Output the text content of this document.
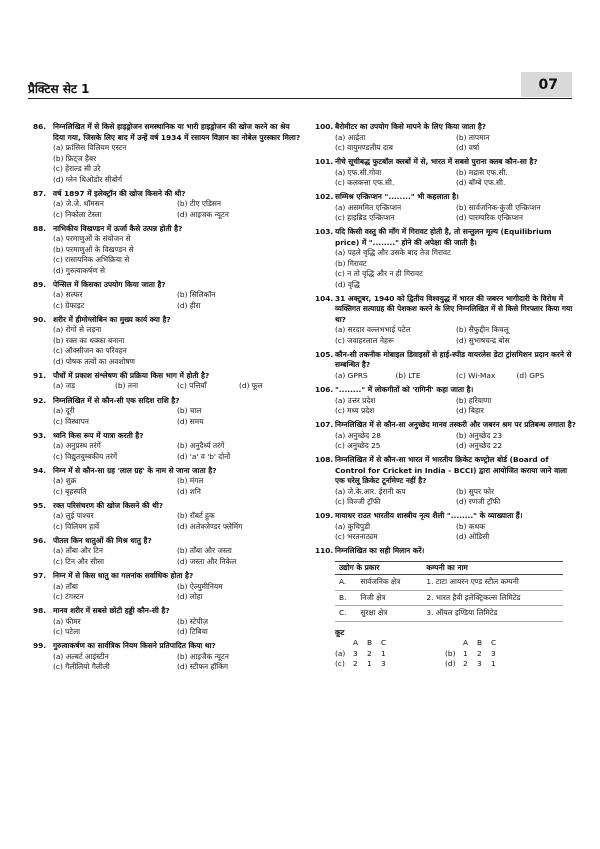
प्रैक्टिस सेट 1	07
86. निम्नलिखित में से किसे हाइड्रोजन समस्थानिक या भारी हाइड्रोजन की खोज करने का श्रेय दिया गया, जिसके लिए बाद में उन्हें वर्ष 1934 में रसायन विज्ञान का नोबेल पुरस्कार मिला?
(a) फ्रांसिस विलियम एस्टन
(b) फ्रिट्ज हैबर
(c) हेराल्ड सी उरे
(d) ग्लेन थिओडोर सीबोर्ग
87. वर्ष 1897 में इलेक्ट्रॉन की खोज किसने की थी?
(a) जे.जे. थॉमसन	(b) टीए एडिसन
(c) निकोला टेस्ला	(d) आइजक न्यूटन
88. नाभिकीय विखण्डन में ऊर्जा कैसे उत्पन्न होती है?
(a) परमाणुओं के संयोजन से
(b) परमाणुओं के विखण्डन से
(c) रासायनिक अभिक्रिया से
(d) गुरुत्वाकर्षण से
89. पेन्सिल में किसका उपयोग किया जाता है?
(a) सल्फर	(b) सिलिकॉन
(c) ग्रेफाइट	(d) हीरा
90. शरीर में हीमोग्लोबिन का मुख्य कार्य क्या है?
(a) रोगों से लड़ना
(b) रक्त का थक्का बनाना
(c) ऑक्सीजन का परिवहन
(d) पोषक तत्वों का अवशोषण
91. पौधों में प्रकाश संश्लेषण की प्रक्रिया किस भाग में होती है?
(a) जड़	(b) तना	(c) पत्तियाँ	(d) फूल
92. निम्नलिखित में से कौन-सी एक सदिश राशि है?
(a) दूरी	(b) चाल
(c) विस्थापन	(d) समय
93. ध्वनि किस रूप में यात्रा करती है?
(a) अनुप्रस्थ तरंगें	(b) अनुदैर्ध्य तरंगें
(c) विद्युतचुम्बकीय तरंगें	(d) 'a' व 'b' दोनों
94. निम्न में से कौन-सा ग्रह 'लाल ग्रह' के नाम से जाना जाता है?
(a) शुक्र	(b) मंगल
(c) बृहस्पति	(d) शनि
95. रक्त परिसंचरण की खोज किसने की थी?
(a) लुई पाश्चर	(b) रॉबर्ट हुक
(c) विलियम हार्वे	(d) अलेक्जेण्डर फ्लेमिंग
96. पीतल किन धातुओं की मिश्र धातु है?
(a) ताँबा और टिन	(b) ताँबा और जस्ता
(c) टिन और सीसा	(d) जस्ता और निकेल
97. निम्न में से किस धातु का गलनांक सर्वाधिक होता है?
(a) ताँबा	(b) ऐल्युमीनियम
(c) टंगस्टन	(d) लोहा
98. मानव शरीर में सबसे छोटी हड्डी कौन-सी है?
(a) फीमर	(b) स्टेपीज़
(c) पटेला	(d) टिबिया
99. गुरुत्वाकर्षण का सार्वत्रिक नियम किसने प्रतिपादित किया था?
(a) अल्बर्ट आइंस्टीन	(b) आइजैक न्यूटन
(c) गैलीलियो गैलीली	(d) स्टीफन हॉकिंग
100. बैरोमीटर का उपयोग किसे मापने के लिए किया जाता है?
(a) आर्द्रता	(b) तापमान
(c) वायुमण्डलीय दाब	(d) वर्षा
101. नीचे सूचीबद्ध फुटबॉल क्लबों में से, भारत में सबसे पुराना क्लब कौन-सा है?
(a) एफ.सी.गोवा	(b) मद्रास एफ.सी.
(c) कलकत्ता एफ.सी.	(d) बॉम्बे एफ.सी.
102. सम्मिश्र एन्क्रिप्शन "........" भी कहलाता है।
(a) असममित एन्क्रिप्शन	(b) सार्वजनिक-कुंजी एन्क्रिप्शन
(c) हाइब्रिड एन्क्रिप्शन	(d) पारम्परिक एन्क्रिप्शन
103. यदि किसी वस्तु की माँग में गिरावट होती है, तो सन्तुलन मूल्य (Equilibrium price) में "........" होने की अपेक्षा की जाती है।
(a) पहले वृद्धि और उसके बाद तेज गिरावट
(b) गिरावट
(c) न तो वृद्धि और न ही गिरावट
(d) वृद्धि
104. 31 अक्टूबर, 1940 को द्वितीय विश्वयुद्ध में भारत की जबरन भागीदारी के विरोध में व्यक्तिगत सत्याग्रह की पेशकश करने के लिए निम्नलिखित में से किसे गिरफ्तार किया गया था?
(a) सरदार वल्लभभाई पटेल	(b) सैफुद्दीन किचलू
(c) जवाहरलाल नेहरू	(d) सुभाषचन्द्र बोस
105. कौन-सी तकनीक मोबाइल डिवाइसों से हाई-स्पीड वायरलेस डेटा ट्रांसमिशन प्रदान करने से सम्बन्धित है?
(a) GPRS	(b) LTE	(c) Wi-Max	(d) GPS
106. "........" में लोकगीतों को 'रागिनी' कहा जाता है।
(a) उत्तर प्रदेश	(b) हरियाणा
(c) मध्य प्रदेश	(d) बिहार
107. निम्नलिखित में से कौन-सा अनुच्छेद मानव तस्करी और जबरन श्रम पर प्रतिबन्ध लगाता है?
(a) अनुच्छेद 28	(b) अनुच्छेद 23
(c) अनुच्छेद 25	(d) अनुच्छेद 22
108. निम्नलिखित में से कौन-सा भारत में भारतीय क्रिकेट कण्ट्रोल बोर्ड (Board of Control for Cricket in India - BCCI) द्वारा आयोजित कराया जाने वाला एक घरेलू क्रिकेट टूर्नामेण्ट नहीं है?
(a) जे.के.आर. ईरानी कप	(b) सुपर फोर
(c) विज्जी ट्रॉफी	(d) रणजी ट्रॉफी
109. मायाधर राउत भारतीय शास्त्रीय नृत्य शैली "........" के व्याख्याता हैं।
(a) कुचिपुडी	(b) कथक
(c) भरतनाट्यम	(d) ओडिसी
110. निम्नलिखित का सही मिलान करें।
उद्योग के प्रकार		कम्पनी का नाम
A.	सार्वजनिक क्षेत्र	1. टाटा आयरन एण्ड स्टील कम्पनी
B.	निजी क्षेत्र	2. भारत हैवी इलेक्ट्रिकल्स लिमिटेड
C.	सुरक्षा क्षेत्र	3. ऑयल इण्डिया लिमिटेड
कूट
A	B	C	A	B	C
(a)	3	2	1	(b)	1	2	3
(c)	2	1	3	(d)	2	3	1
